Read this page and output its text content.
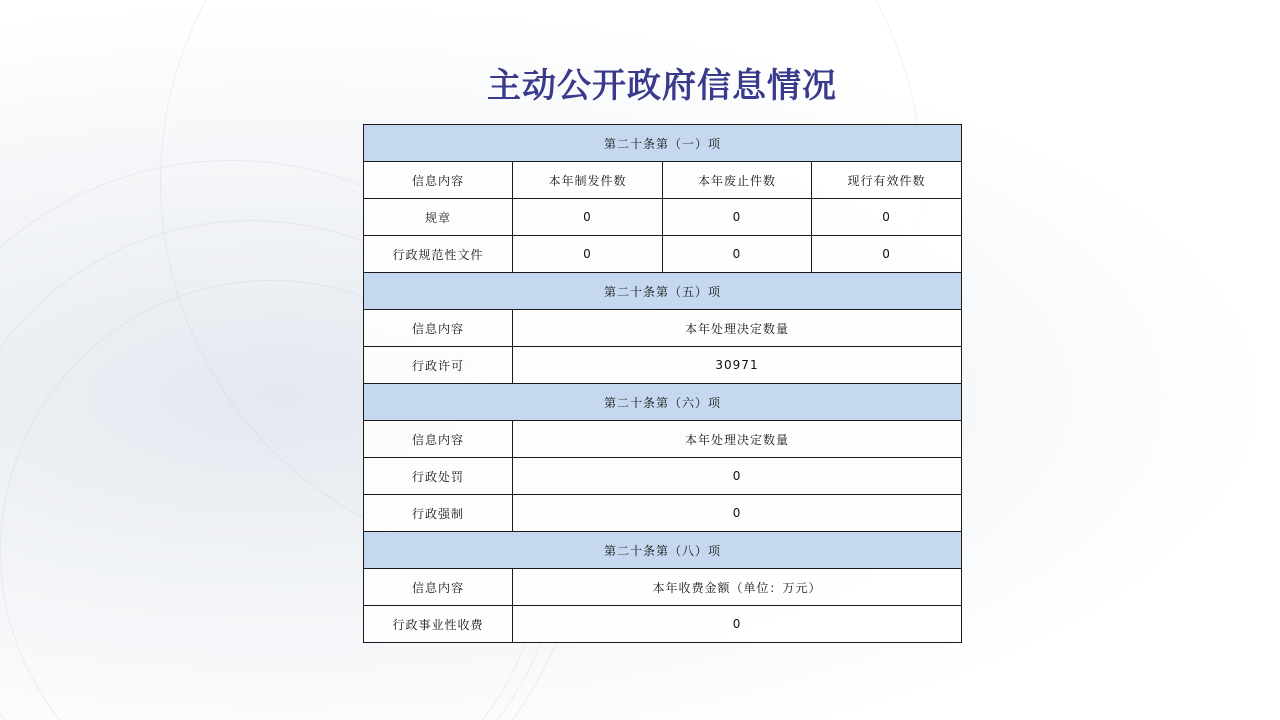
主动公开政府信息情况
第二十条第（一）项			
信息内容	本年制发件数	本年废止件数	现行有效件数
规章	0	0	0
行政规范性文件	0	0	0
第二十条第（五）项			
信息内容	本年处理决定数量		
行政许可	30971		
第二十条第（六）项			
信息内容	本年处理决定数量		
行政处罚	0		
行政强制	0		
第二十条第（八）项			
信息内容	本年收费金额（单位：万元）		
行政事业性收费	0		
